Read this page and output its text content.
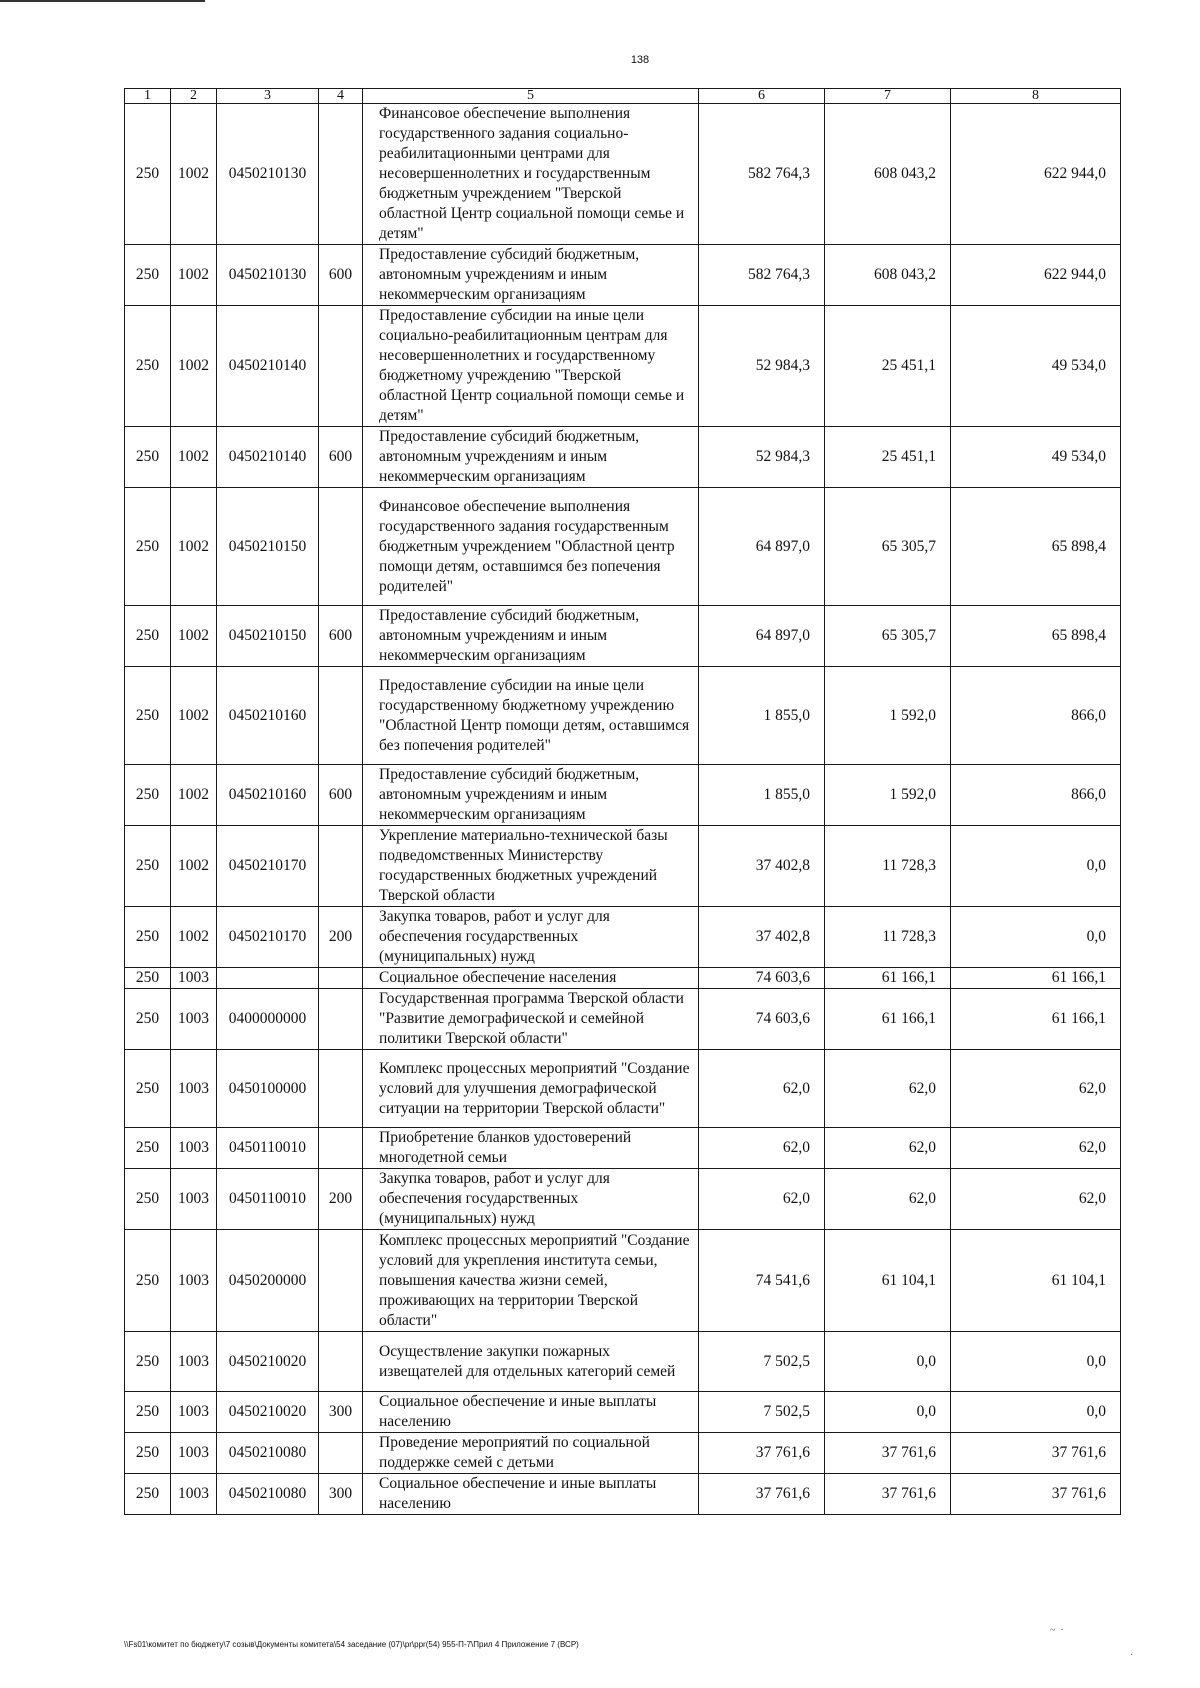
138
1	2	3	4	5	6	7	8
250	1002	0450210130		Финансовое обеспечение выполнения государственного задания социально-реабилитационными центрами для несовершеннолетних и государственным бюджетным учреждением "Тверской областной Центр социальной помощи семье и детям"	582 764,3	608 043,2	622 944,0
250	1002	0450210130	600	Предоставление субсидий бюджетным, автономным учреждениям и иным некоммерческим организациям	582 764,3	608 043,2	622 944,0
250	1002	0450210140		Предоставление субсидии на иные цели социально-реабилитационным центрам для несовершеннолетних и государственному бюджетному учреждению "Тверской областной Центр социальной помощи семье и детям"	52 984,3	25 451,1	49 534,0
250	1002	0450210140	600	Предоставление субсидий бюджетным, автономным учреждениям и иным некоммерческим организациям	52 984,3	25 451,1	49 534,0
250	1002	0450210150		Финансовое обеспечение выполнения государственного задания государственным бюджетным учреждением "Областной центр помощи детям, оставшимся без попечения родителей"	64 897,0	65 305,7	65 898,4
250	1002	0450210150	600	Предоставление субсидий бюджетным, автономным учреждениям и иным некоммерческим организациям	64 897,0	65 305,7	65 898,4
250	1002	0450210160		Предоставление субсидии на иные цели государственному бюджетному учреждению "Областной Центр помощи детям, оставшимся без попечения родителей"	1 855,0	1 592,0	866,0
250	1002	0450210160	600	Предоставление субсидий бюджетным, автономным учреждениям и иным некоммерческим организациям	1 855,0	1 592,0	866,0
250	1002	0450210170		Укрепление материально-технической базы подведомственных Министерству государственных бюджетных учреждений Тверской области	37 402,8	11 728,3	0,0
250	1002	0450210170	200	Закупка товаров, работ и услуг для обеспечения государственных (муниципальных) нужд	37 402,8	11 728,3	0,0
250	1003			Социальное обеспечение населения	74 603,6	61 166,1	61 166,1
250	1003	0400000000		Государственная программа Тверской области "Развитие демографической и семейной политики Тверской области"	74 603,6	61 166,1	61 166,1
250	1003	0450100000		Комплекс процессных мероприятий "Создание условий для улучшения демографической ситуации на территории Тверской области"	62,0	62,0	62,0
250	1003	0450110010		Приобретение бланков удостоверений многодетной семьи	62,0	62,0	62,0
250	1003	0450110010	200	Закупка товаров, работ и услуг для обеспечения государственных (муниципальных) нужд	62,0	62,0	62,0
250	1003	0450200000		Комплекс процессных мероприятий "Создание условий для укрепления института семьи, повышения качества жизни семей, проживающих на территории Тверской области"	74 541,6	61 104,1	61 104,1
250	1003	0450210020		Осуществление закупки пожарных извещателей для отдельных категорий семей	7 502,5	0,0	0,0
250	1003	0450210020	300	Социальное обеспечение и иные выплаты населению	7 502,5	0,0	0,0
250	1003	0450210080		Проведение мероприятий по социальной поддержке семей с детьми	37 761,6	37 761,6	37 761,6
250	1003	0450210080	300	Социальное обеспечение и иные выплаты населению	37 761,6	37 761,6	37 761,6
\\Fs01\комитет по бюджету\7 созыв\Документы комитета\54 заседание (07)\pr\ppr(54) 955-П-7\Прил 4 Приложение 7 (ВСР)
~  ·
·
